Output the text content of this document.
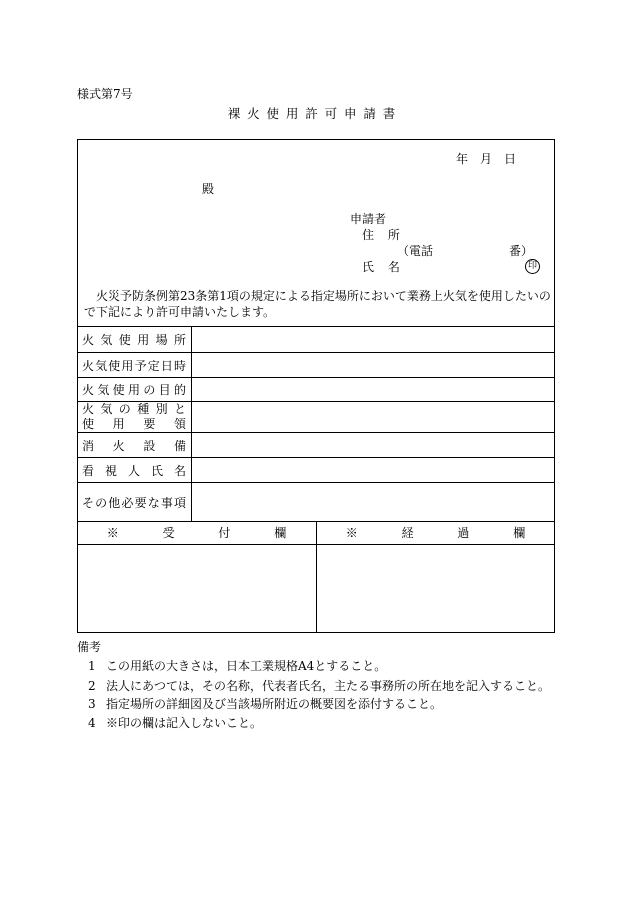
様式第7号
裸火使用許可申請書
年　月　日
殿
申請者
住 所
（電話	番）
氏 名	印
火災予防条例第23条第1項の規定による指定場所において業務上火気を使用したいので下記により許可申請いたします。
火気使用場所
火気使用予定日時
火気使用の目的
火気の種別と
使用要領
消火設備
看視人氏名
その他必要な事項
※ 受 付 欄	※ 経 過 欄
備考
1 この用紙の大きさは，日本工業規格A4とすること。
2 法人にあつては，その名称，代表者氏名，主たる事務所の所在地を記入すること。
3 指定場所の詳細図及び当該場所附近の概要図を添付すること。
4 ※印の欄は記入しないこと。
